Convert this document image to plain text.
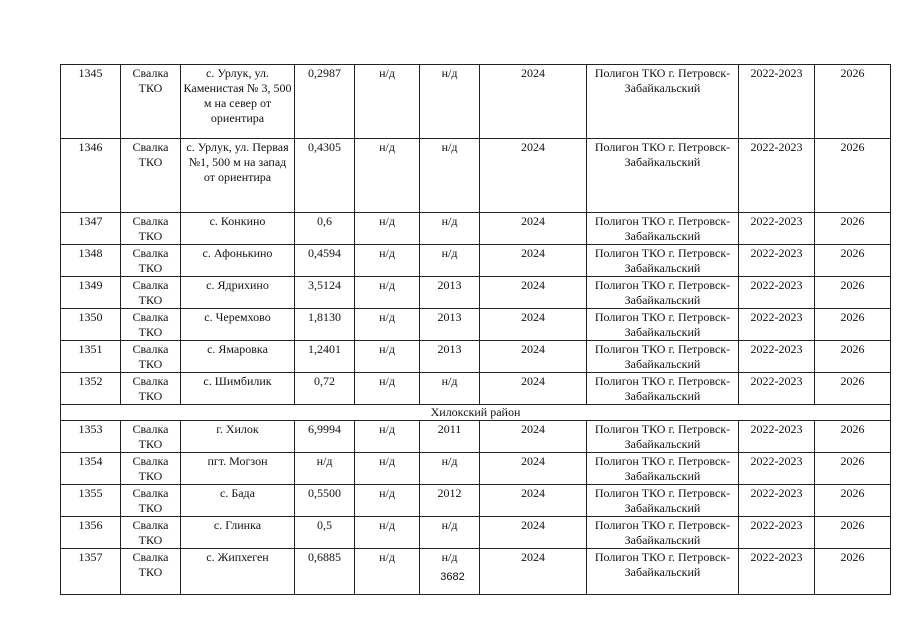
1345	Свалка ТКО	с. Урлук, ул. Каменистая № 3, 500 м на север от ориентира	0,2987	н/д	н/д	2024	Полигон ТКО г. Петровск-Забайкальский	2022-2023	2026
1346	Свалка ТКО	с. Урлук, ул. Первая №1, 500 м на запад от ориентира	0,4305	н/д	н/д	2024	Полигон ТКО г. Петровск-Забайкальский	2022-2023	2026
1347	Свалка ТКО	с. Конкино	0,6	н/д	н/д	2024	Полигон ТКО г. Петровск-Забайкальский	2022-2023	2026
1348	Свалка ТКО	с. Афонькино	0,4594	н/д	н/д	2024	Полигон ТКО г. Петровск-Забайкальский	2022-2023	2026
1349	Свалка ТКО	с. Ядрихино	3,5124	н/д	2013	2024	Полигон ТКО г. Петровск-Забайкальский	2022-2023	2026
1350	Свалка ТКО	с. Черемхово	1,8130	н/д	2013	2024	Полигон ТКО г. Петровск-Забайкальский	2022-2023	2026
1351	Свалка ТКО	с. Ямаровка	1,2401	н/д	2013	2024	Полигон ТКО г. Петровск-Забайкальский	2022-2023	2026
1352	Свалка ТКО	с. Шимбилик	0,72	н/д	н/д	2024	Полигон ТКО г. Петровск-Забайкальский	2022-2023	2026
Хилокский район									
1353	Свалка ТКО	г. Хилок	6,9994	н/д	2011	2024	Полигон ТКО г. Петровск-Забайкальский	2022-2023	2026
1354	Свалка ТКО	пгт. Могзон	н/д	н/д	н/д	2024	Полигон ТКО г. Петровск-Забайкальский	2022-2023	2026
1355	Свалка ТКО	с. Бада	0,5500	н/д	2012	2024	Полигон ТКО г. Петровск-Забайкальский	2022-2023	2026
1356	Свалка ТКО	с. Глинка	0,5	н/д	н/д	2024	Полигон ТКО г. Петровск-Забайкальский	2022-2023	2026
1357	Свалка ТКО	с. Жипхеген	0,6885	н/д	н/д	2024	Полигон ТКО г. Петровск-Забайкальский	2022-2023	2026
3682
